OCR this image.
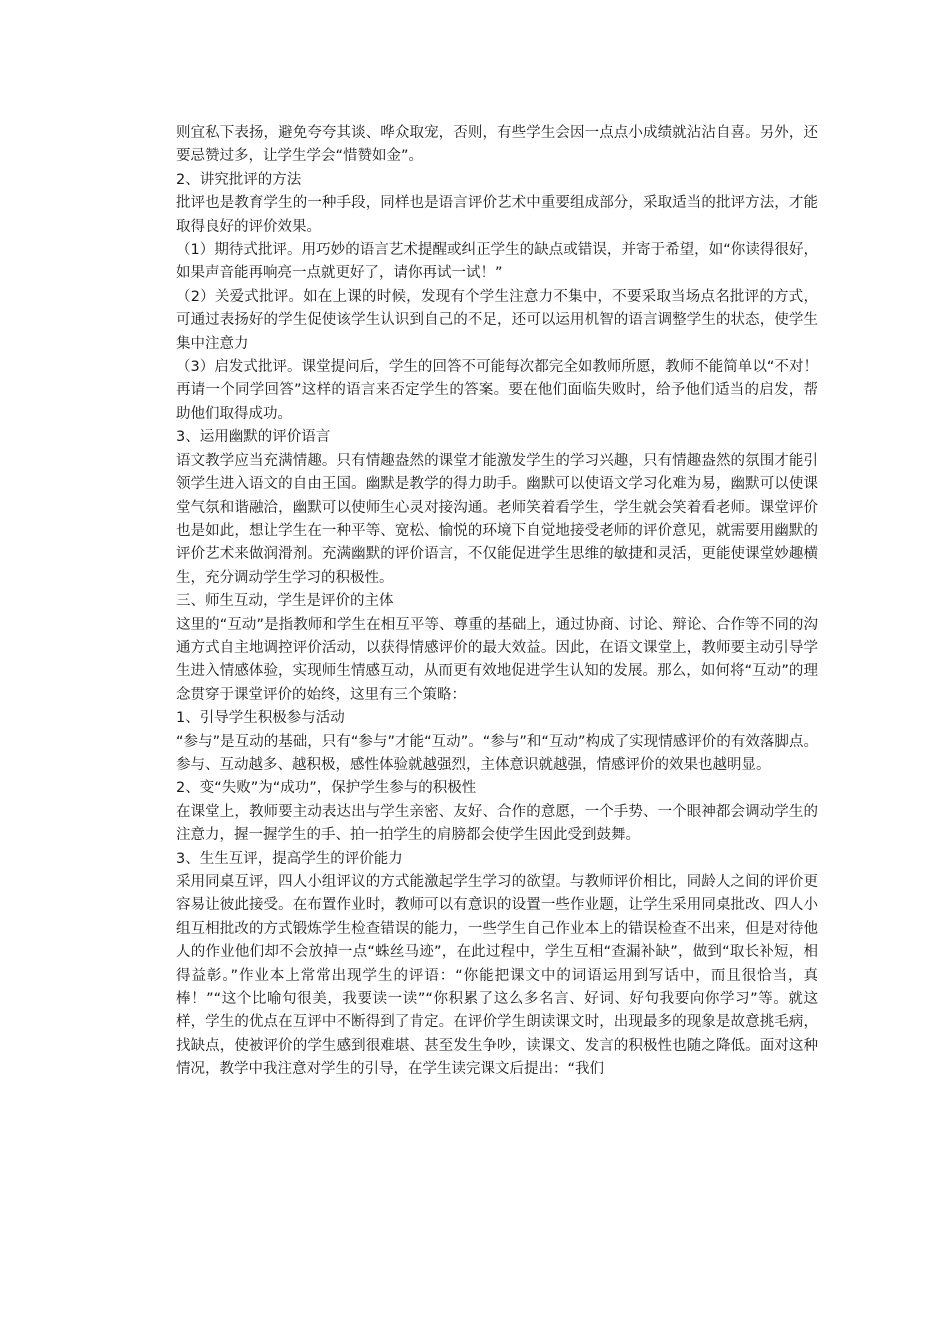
则宜私下表扬，避免夸夸其谈、哗众取宠，否则，有些学生会因一点点小成绩就沾沾自喜。另外，还要忌赞过多，让学生学会“惜赞如金”。

2、讲究批评的方法

批评也是教育学生的一种手段，同样也是语言评价艺术中重要组成部分，采取适当的批评方法，才能取得良好的评价效果。

（1）期待式批评。用巧妙的语言艺术提醒或纠正学生的缺点或错误，并寄于希望，如“你读得很好，如果声音能再响亮一点就更好了，请你再试一试！”

（2）关爱式批评。如在上课的时候，发现有个学生注意力不集中，不要采取当场点名批评的方式，可通过表扬好的学生促使该学生认识到自己的不足，还可以运用机智的语言调整学生的状态，使学生集中注意力

（3）启发式批评。课堂提问后，学生的回答不可能每次都完全如教师所愿，教师不能简单以“不对！再请一个同学回答”这样的语言来否定学生的答案。要在他们面临失败时，给予他们适当的启发，帮助他们取得成功。

3、运用幽默的评价语言

语文教学应当充满情趣。只有情趣盎然的课堂才能激发学生的学习兴趣，只有情趣盎然的氛围才能引领学生进入语文的自由王国。幽默是教学的得力助手。幽默可以使语文学习化难为易，幽默可以使课堂气氛和谐融洽，幽默可以使师生心灵对接沟通。老师笑着看学生，学生就会笑着看老师。课堂评价也是如此，想让学生在一种平等、宽松、愉悦的环境下自觉地接受老师的评价意见，就需要用幽默的评价艺术来做润滑剂。充满幽默的评价语言，不仅能促进学生思维的敏捷和灵活，更能使课堂妙趣横生，充分调动学生学习的积极性。

三、师生互动，学生是评价的主体

这里的“互动”是指教师和学生在相互平等、尊重的基础上，通过协商、讨论、辩论、合作等不同的沟通方式自主地调控评价活动，以获得情感评价的最大效益。因此，在语文课堂上，教师要主动引导学生进入情感体验，实现师生情感互动，从而更有效地促进学生认知的发展。那么，如何将“互动”的理念贯穿于课堂评价的始终，这里有三个策略：

1、引导学生积极参与活动

“参与”是互动的基础，只有“参与”才能“互动”。“参与”和“互动”构成了实现情感评价的有效落脚点。参与、互动越多、越积极，感性体验就越强烈，主体意识就越强，情感评价的效果也越明显。

2、变“失败”为“成功”，保护学生参与的积极性

在课堂上，教师要主动表达出与学生亲密、友好、合作的意愿，一个手势、一个眼神都会调动学生的注意力，握一握学生的手、拍一拍学生的肩膀都会使学生因此受到鼓舞。

3、生生互评，提高学生的评价能力

采用同桌互评，四人小组评议的方式能激起学生学习的欲望。与教师评价相比，同龄人之间的评价更容易让彼此接受。在布置作业时，教师可以有意识的设置一些作业题，让学生采用同桌批改、四人小组互相批改的方式锻炼学生检查错误的能力，一些学生自己作业本上的错误检查不出来，但是对待他人的作业他们却不会放掉一点“蛛丝马迹”，在此过程中，学生互相“查漏补缺”，做到“取长补短，相得益彰。”作业本上常常出现学生的评语：“你能把课文中的词语运用到写话中，而且很恰当，真棒！”“这个比喻句很美，我要读一读”“你积累了这么多名言、好词、好句我要向你学习”等。就这样，学生的优点在互评中不断得到了肯定。在评价学生朗读课文时，出现最多的现象是故意挑毛病，找缺点，使被评价的学生感到很难堪、甚至发生争吵，读课文、发言的积极性也随之降低。面对这种情况，教学中我注意对学生的引导，在学生读完课文后提出：“我们
